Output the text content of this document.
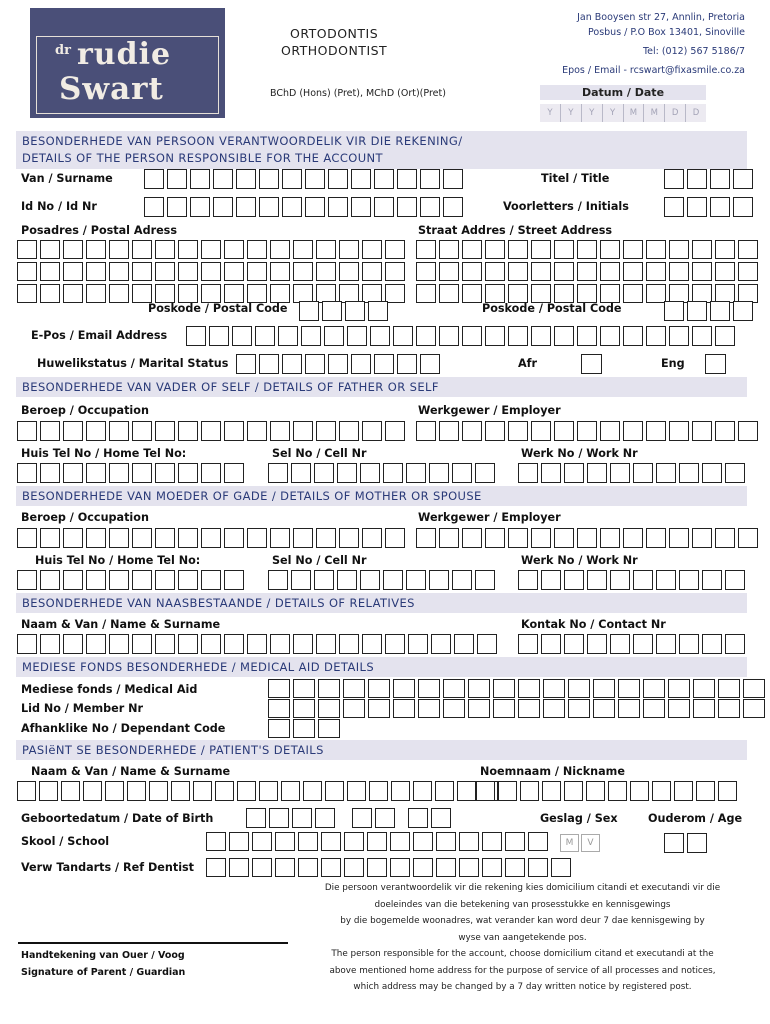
dr rudie
Swart
ORTODONTIS
ORTHODONTIST
BChD (Hons) (Pret), MChD (Ort)(Pret)
Jan Booysen str 27, Annlin, Pretoria
Posbus / P.O Box 13401, Sinoville
Tel: (012) 567 5186/7
Epos / Email - rcswart@fixasmile.co.za
Datum / Date
Y	Y	Y	Y	M	M	D	D
BESONDERHEDE VAN PERSOON VERANTWOORDELIK VIR DIE REKENING/
DETAILS OF THE PERSON RESPONSIBLE FOR THE ACCOUNT
Van / Surname	Titel / Title
Id No / Id Nr	Voorletters / Initials
Posadres / Postal Adress	Straat Addres / Street Address
Poskode / Postal Code	Poskode / Postal Code
E-Pos / Email Address
Huwelikstatus / Marital Status	Afr	Eng
BESONDERHEDE VAN VADER OF SELF / DETAILS OF FATHER OR SELF
Beroep / Occupation	Werkgewer / Employer
Huis Tel No / Home Tel No:	Sel No / Cell Nr	Werk No / Work Nr
BESONDERHEDE VAN MOEDER OF GADE / DETAILS OF MOTHER OR SPOUSE
Beroep / Occupation	Werkgewer / Employer
Huis Tel No / Home Tel No:	Sel No / Cell Nr	Werk No / Work Nr
BESONDERHEDE VAN NAASBESTAANDE / DETAILS OF RELATIVES
Naam & Van / Name & Surname	Kontak No / Contact Nr
MEDIESE FONDS BESONDERHEDE / MEDICAL AID DETAILS
Mediese fonds / Medical Aid
Lid No / Member Nr
Afhanklike No / Dependant Code
PASIëNT SE BESONDERHEDE / PATIENT'S DETAILS
Naam & Van / Name & Surname	Noemnaam / Nickname
Geboortedatum / Date of Birth	Geslag / Sex	Ouderom / Age
M	V
Skool / School
Verw Tandarts / Ref Dentist
Handtekening van Ouer / Voog
Signature of Parent / Guardian
Die persoon verantwoordelik vir die rekening kies domicilium citandi et executandi vir die
doeleindes van die betekening van prosesstukke en kennisgewings
by die bogemelde woonadres, wat verander kan word deur 7 dae kennisgewing by
wyse van aangetekende pos.
The person responsible for the account, choose domicilium citand et executandi at the
above mentioned home address for the purpose of service of all processes and notices,
which address may be changed by a 7 day written notice by registered post.
